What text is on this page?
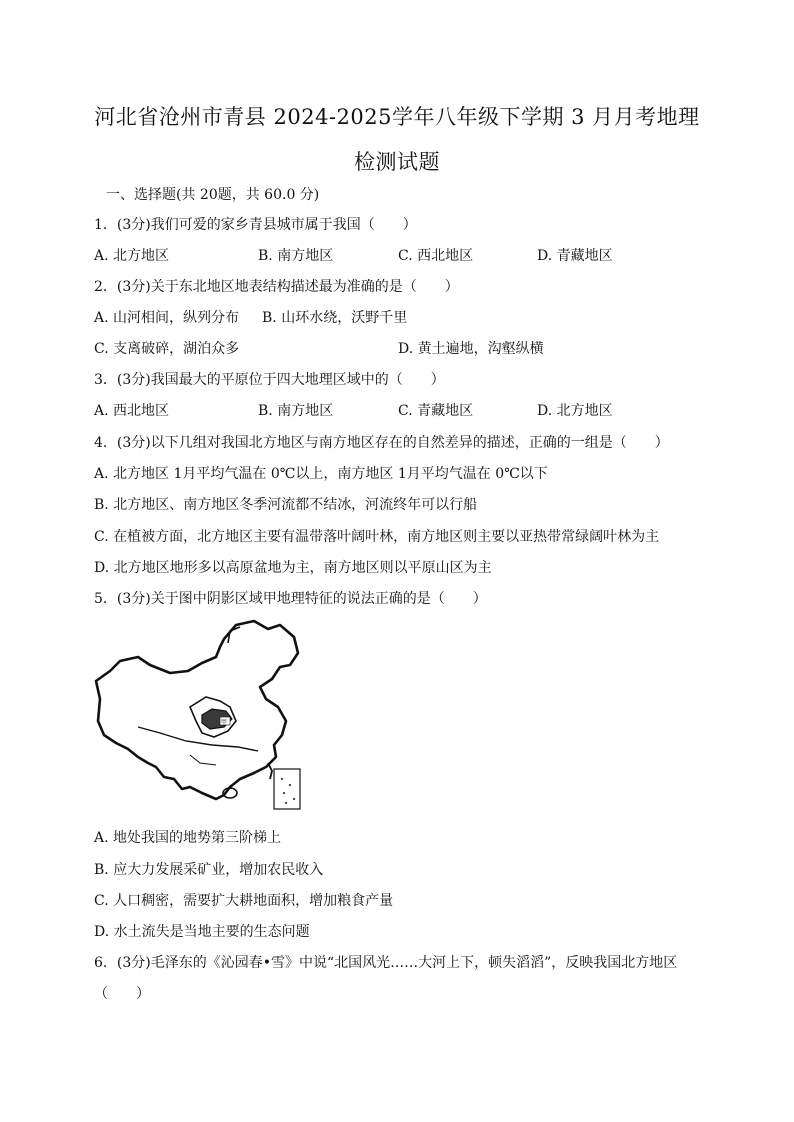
河北省沧州市青县 2024-2025学年八年级下学期 3 月月考地理
检测试题
一、选择题(共 20题，共 60.0 分)
1．(3分)我们可爱的家乡青县城市属于我国（　　）
A. 北方地区	B. 南方地区	C. 西北地区	D. 青藏地区
2．(3分)关于东北地区地表结构描述最为准确的是（　　）
A. 山河相间，纵列分布 B. 山环水绕，沃野千里
C. 支离破碎，湖泊众多	D. 黄土遍地，沟壑纵横
3．(3分)我国最大的平原位于四大地理区域中的（　　）
A. 西北地区	B. 南方地区	C. 青藏地区	D. 北方地区
4．(3分)以下几组对我国北方地区与南方地区存在的自然差异的描述，正确的一组是（　　）
A. 北方地区 1月平均气温在 0℃以上，南方地区 1月平均气温在 0℃以下
B. 北方地区、南方地区冬季河流都不结冰，河流终年可以行船
C. 在植被方面，北方地区主要有温带落叶阔叶林，南方地区则主要以亚热带常绿阔叶林为主
D. 北方地区地形多以高原盆地为主，南方地区则以平原山区为主
5．(3分)关于图中阴影区域甲地理特征的说法正确的是（　　）
甲
A. 地处我国的地势第三阶梯上
B. 应大力发展采矿业，增加农民收入
C. 人口稠密，需要扩大耕地面积，增加粮食产量
D. 水土流失是当地主要的生态问题
6．(3分)毛泽东的《沁园春•雪》中说“北国风光……大河上下，顿失滔滔”，反映我国北方地区
（　　）
